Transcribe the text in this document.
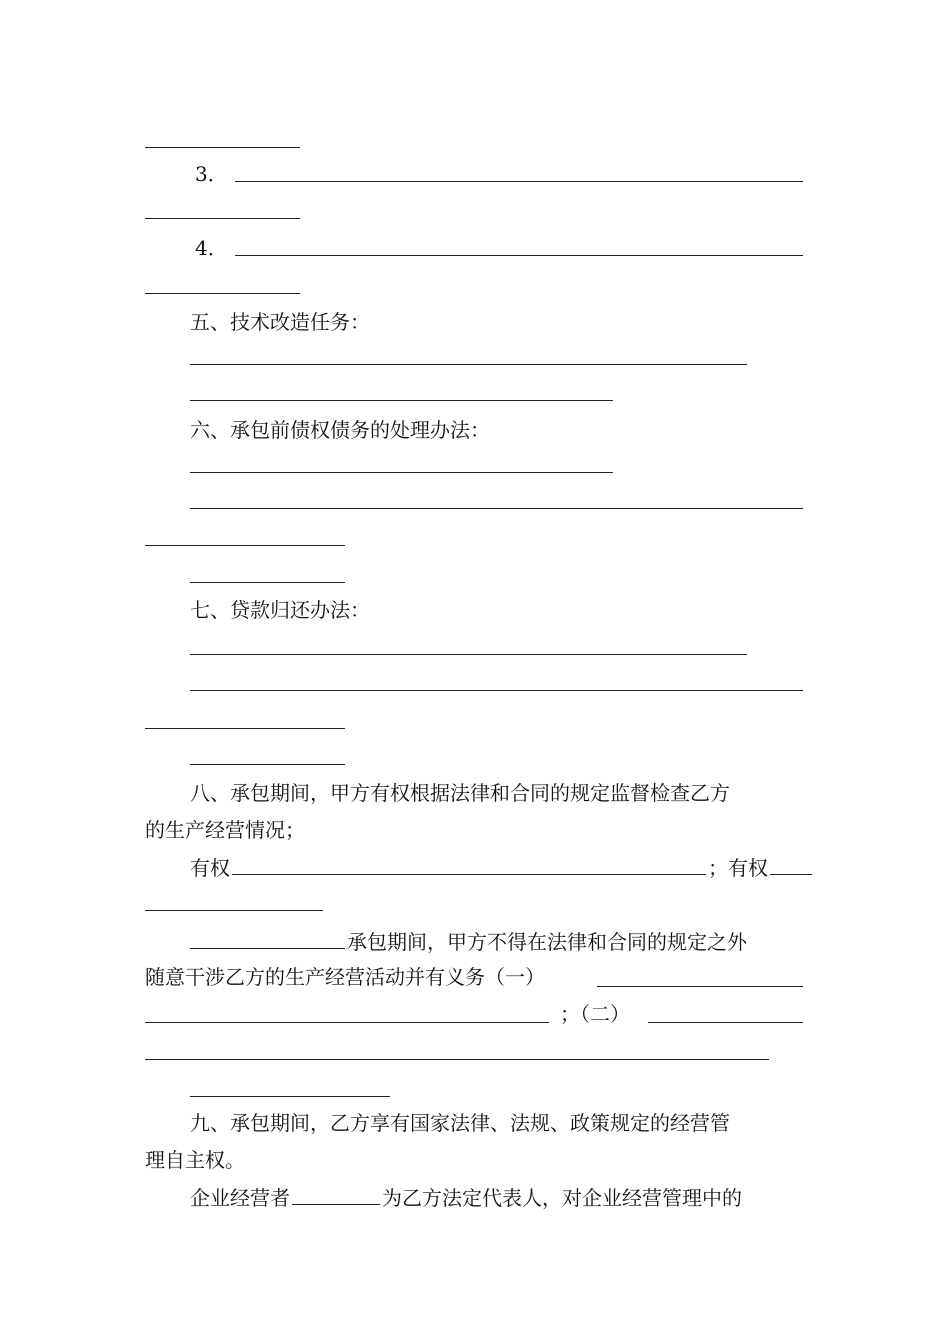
3．
4．
五、技术改造任务：
六、承包前债权债务的处理办法：
七、贷款归还办法：
八、承包期间，甲方有权根据法律和合同的规定监督检查乙方
的生产经营情况；
有权	；有权
承包期间，甲方不得在法律和合同的规定之外
随意干涉乙方的生产经营活动并有义务（一）
；（二）
九、承包期间，乙方享有国家法律、法规、政策规定的经营管
理自主权。
企业经营者	为乙方法定代表人，对企业经营管理中的
